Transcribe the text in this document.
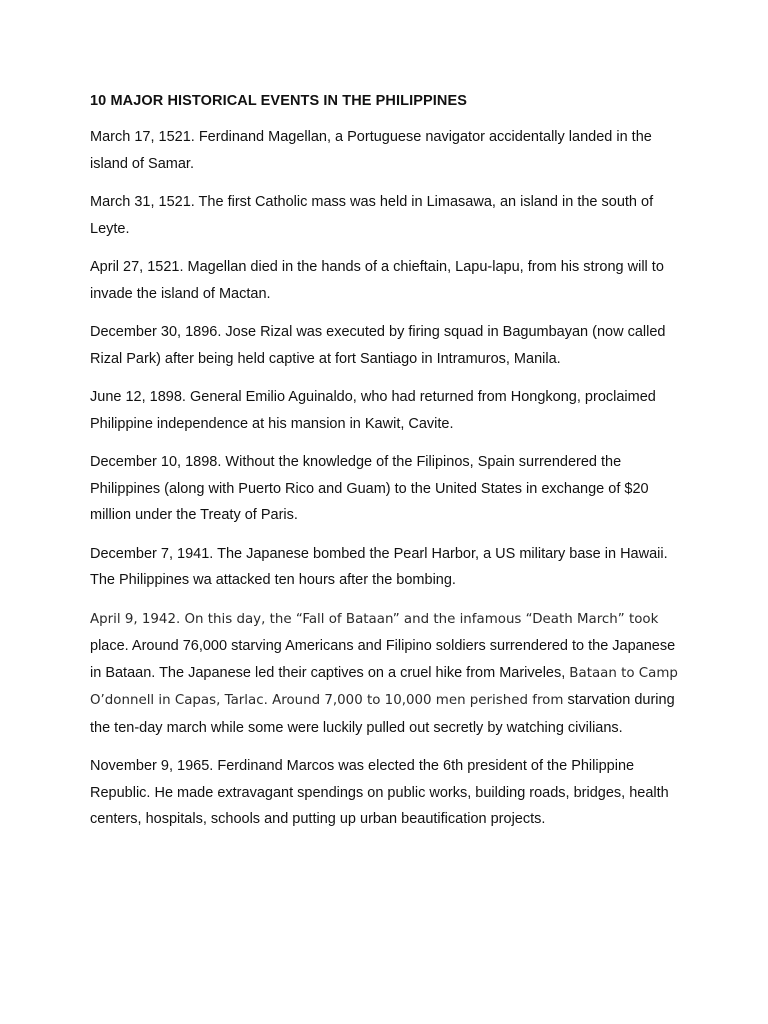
10 MAJOR HISTORICAL EVENTS IN THE PHILIPPINES

March 17, 1521. Ferdinand Magellan, a Portuguese navigator accidentally landed in the island of Samar.

March 31, 1521. The first Catholic mass was held in Limasawa, an island in the south of Leyte.

April 27, 1521. Magellan died in the hands of a chieftain, Lapu-lapu, from his strong will to invade the island of Mactan.

December 30, 1896. Jose Rizal was executed by firing squad in Bagumbayan (now called Rizal Park) after being held captive at fort Santiago in Intramuros, Manila.

June 12, 1898. General Emilio Aguinaldo, who had returned from Hongkong, proclaimed Philippine independence at his mansion in Kawit, Cavite.

December 10, 1898. Without the knowledge of the Filipinos, Spain surrendered the Philippines (along with Puerto Rico and Guam) to the United States in exchange of $20 million under the Treaty of Paris.

December 7, 1941. The Japanese bombed the Pearl Harbor, a US military base in Hawaii. The Philippines wa attacked ten hours after the bombing.

April 9, 1942. On this day, the “Fall of Bataan” and the infamous “Death March” took place. Around 76,000 starving Americans and Filipino soldiers surrendered to the Japanese in Bataan. The Japanese led their captives on a cruel hike from Mariveles, Bataan to Camp O’donnell in Capas, Tarlac. Around 7,000 to 10,000 men perished from starvation during the ten-day march while some were luckily pulled out secretly by watching civilians.

November 9, 1965. Ferdinand Marcos was elected the 6th president of the Philippine Republic. He made extravagant spendings on public works, building roads, bridges, health centers, hospitals, schools and putting up urban beautification projects.
